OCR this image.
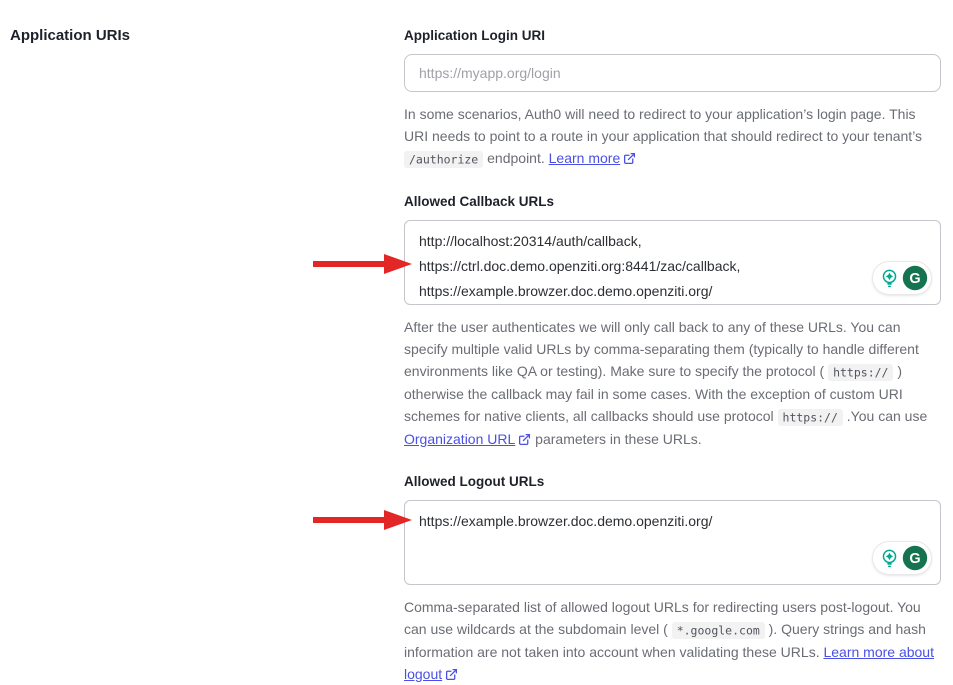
Application URIs	Application Login URI
https://myapp.org/login

In some scenarios, Auth0 will need to redirect to your application’s login page. This URI needs to point to a route in your application that should redirect to your tenant’s /authorize endpoint. Learn more

Allowed Callback URLs
http://localhost:20314/auth/callback, https://ctrl.doc.demo.openziti.org:8441/zac/callback, https://example.browzer.doc.demo.openziti.org/
G

After the user authenticates we will only call back to any of these URLs. You can specify multiple valid URLs by comma-separating them (typically to handle different environments like QA or testing). Make sure to specify the protocol ( https:// ) otherwise the callback may fail in some cases. With the exception of custom URI schemes for native clients, all callbacks should use protocol https:// .You can use Organization URL parameters in these URLs.

Allowed Logout URLs
https://example.browzer.doc.demo.openziti.org/
G

Comma-separated list of allowed logout URLs for redirecting users post-logout. You can use wildcards at the subdomain level ( *.google.com ). Query strings and hash information are not taken into account when validating these URLs. Learn more about logout
